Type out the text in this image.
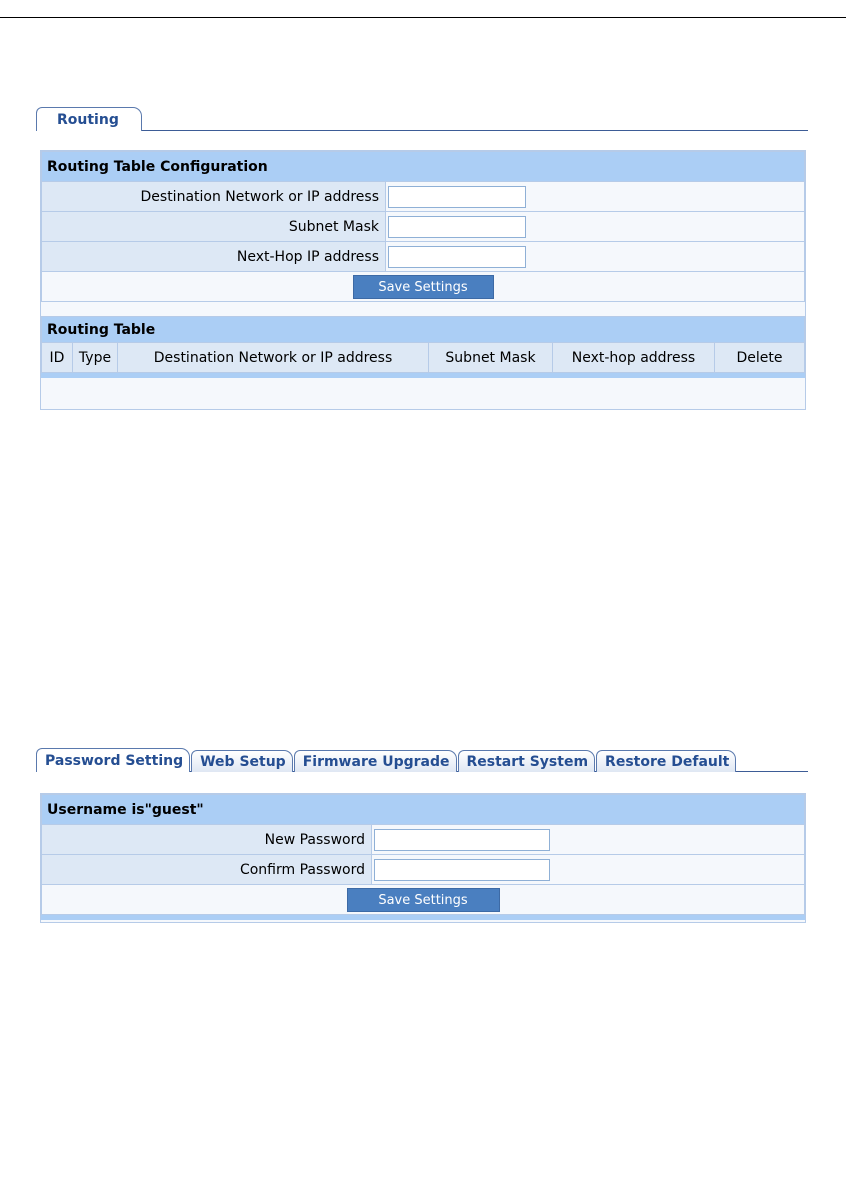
Routing
Routing Table Configuration	
Destination Network or IP address	

Subnet Mask	

Next-Hop IP address	

Save Settings	
Routing Table
ID	Type	Destination Network or IP address	Subnet Mask	Next-hop address	Delete
Password Setting Web Setup Firmware Upgrade Restart System Restore Default
Username is"guest"	
New Password	

Confirm Password	

Save Settings	
